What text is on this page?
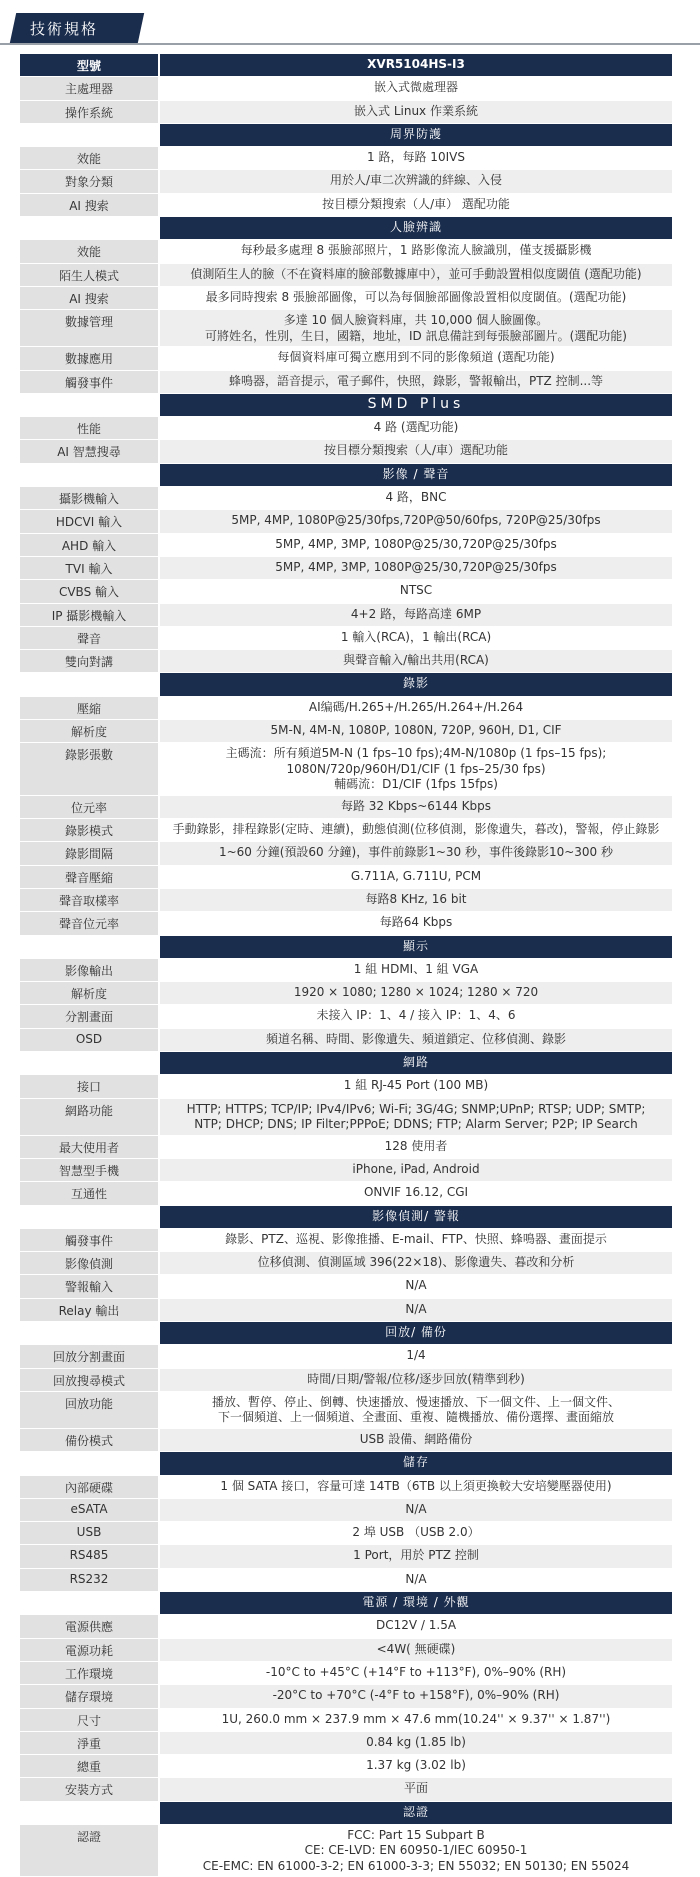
技術規格
型號	XVR5104HS-I3
主處理器	嵌入式微處理器
操作系統	嵌入式 Linux 作業系統
周界防護
效能	1 路，每路 10IVS
對象分類	用於人/車二次辨識的絆線、入侵
AI 搜索	按目標分類搜索（人/車） 選配功能
人臉辨識
效能	每秒最多處理 8 張臉部照片，1 路影像流人臉識別，僅支援攝影機
陌生人模式	偵測陌生人的臉（不在資料庫的臉部數據庫中），並可手動設置相似度閾值 (選配功能)
AI 搜索	最多同時搜索 8 張臉部圖像，可以為每個臉部圖像設置相似度閾值。(選配功能)
數據管理	多達 10 個人臉資料庫，共 10,000 個人臉圖像。
可將姓名，性別，生日，國籍，地址，ID 訊息備註到每張臉部圖片。(選配功能)
數據應用	每個資料庫可獨立應用到不同的影像頻道 (選配功能)
觸發事件	蜂鳴器，語音提示，電子郵件，快照，錄影，警報輸出，PTZ 控制...等
SMD Plus
性能	4 路 (選配功能)
AI 智慧搜尋	按目標分類搜索（人/車）選配功能
影像 / 聲音
攝影機輸入	4 路，BNC
HDCVI 輸入	5MP, 4MP, 1080P@25/30fps,720P@50/60fps, 720P@25/30fps
AHD 輸入	5MP, 4MP, 3MP, 1080P@25/30,720P@25/30fps
TVI 輸入	5MP, 4MP, 3MP, 1080P@25/30,720P@25/30fps
CVBS 輸入	NTSC
IP 攝影機輸入	4+2 路，每路高達 6MP
聲音	1 輸入(RCA)，1 輸出(RCA)
雙向對講	與聲音輸入/輸出共用(RCA)
錄影
壓縮	AI编碼/H.265+/H.265/H.264+/H.264
解析度	5M-N, 4M-N, 1080P, 1080N, 720P, 960H, D1, CIF
錄影張數	主碼流：所有頻道5M-N (1 fps–10 fps);4M-N/1080p (1 fps–15 fps);
1080N/720p/960H/D1/CIF (1 fps–25/30 fps)
輔碼流：D1/CIF (1fps 15fps)
位元率	每路 32 Kbps~6144 Kbps
錄影模式	手動錄影，排程錄影(定時、連續)，動態偵測(位移偵測，影像遺失，暮改)，警報，停止錄影
錄影間隔	1~60 分鐘(預設60 分鐘)，事件前錄影1~30 秒，事件後錄影10~300 秒
聲音壓縮	G.711A, G.711U, PCM
聲音取樣率	每路8 KHz, 16 bit
聲音位元率	每路64 Kbps
顯示
影像輸出	1 組 HDMI、1 組 VGA
解析度	1920 × 1080; 1280 × 1024; 1280 × 720
分割畫面	未接入 IP：1、4 / 接入 IP：1、4、6
OSD	頻道名稱、時間、影像遺失、頻道鎖定、位移偵測、錄影
網路
接口	1 組 RJ-45 Port (100 MB)
網路功能	HTTP; HTTPS; TCP/IP; IPv4/IPv6; Wi-Fi; 3G/4G; SNMP;UPnP; RTSP; UDP; SMTP;
NTP; DHCP; DNS; IP Filter;PPPoE; DDNS; FTP; Alarm Server; P2P; IP Search
最大使用者	128 使用者
智慧型手機	iPhone, iPad, Android
互通性	ONVIF 16.12, CGI
影像偵測/ 警報
觸發事件	錄影、PTZ、巡視、影像推播、E-mail、FTP、快照、蜂鳴器、畫面提示
影像偵測	位移偵測、偵測區域 396(22×18)、影像遺失、暮改和分析
警報輸入	N/A
Relay 輸出	N/A
回放/ 備份
回放分割畫面	1/4
回放搜尋模式	時間/日期/警報/位移/逐步回放(精準到秒)
回放功能	播放、暫停、停止、倒轉、快速播放、慢速播放、下一個文件、上一個文件、
下一個頻道、上一個頻道、全畫面、重複、隨機播放、備份選擇、畫面縮放
備份模式	USB 設備、網路備份
儲存
內部硬碟	1 個 SATA 接口，容量可達 14TB（6TB 以上須更換較大安培變壓器使用)
eSATA	N/A
USB	2 埠 USB （USB 2.0）
RS485	1 Port，用於 PTZ 控制
RS232	N/A
電源 / 環境 / 外觀
電源供應	DC12V / 1.5A
電源功耗	<4W( 無硬碟)
工作環境	-10°C to +45°C (+14°F to +113°F), 0%–90% (RH)
儲存環境	-20°C to +70°C (-4°F to +158°F), 0%–90% (RH)
尺寸	1U, 260.0 mm × 237.9 mm × 47.6 mm(10.24'' × 9.37'' × 1.87'')
淨重	0.84 kg (1.85 lb)
總重	1.37 kg (3.02 lb)
安裝方式	平面
認證
認證	FCC: Part 15 Subpart B
CE: CE-LVD: EN 60950-1/IEC 60950-1
CE-EMC: EN 61000-3-2; EN 61000-3-3; EN 55032; EN 50130; EN 55024
